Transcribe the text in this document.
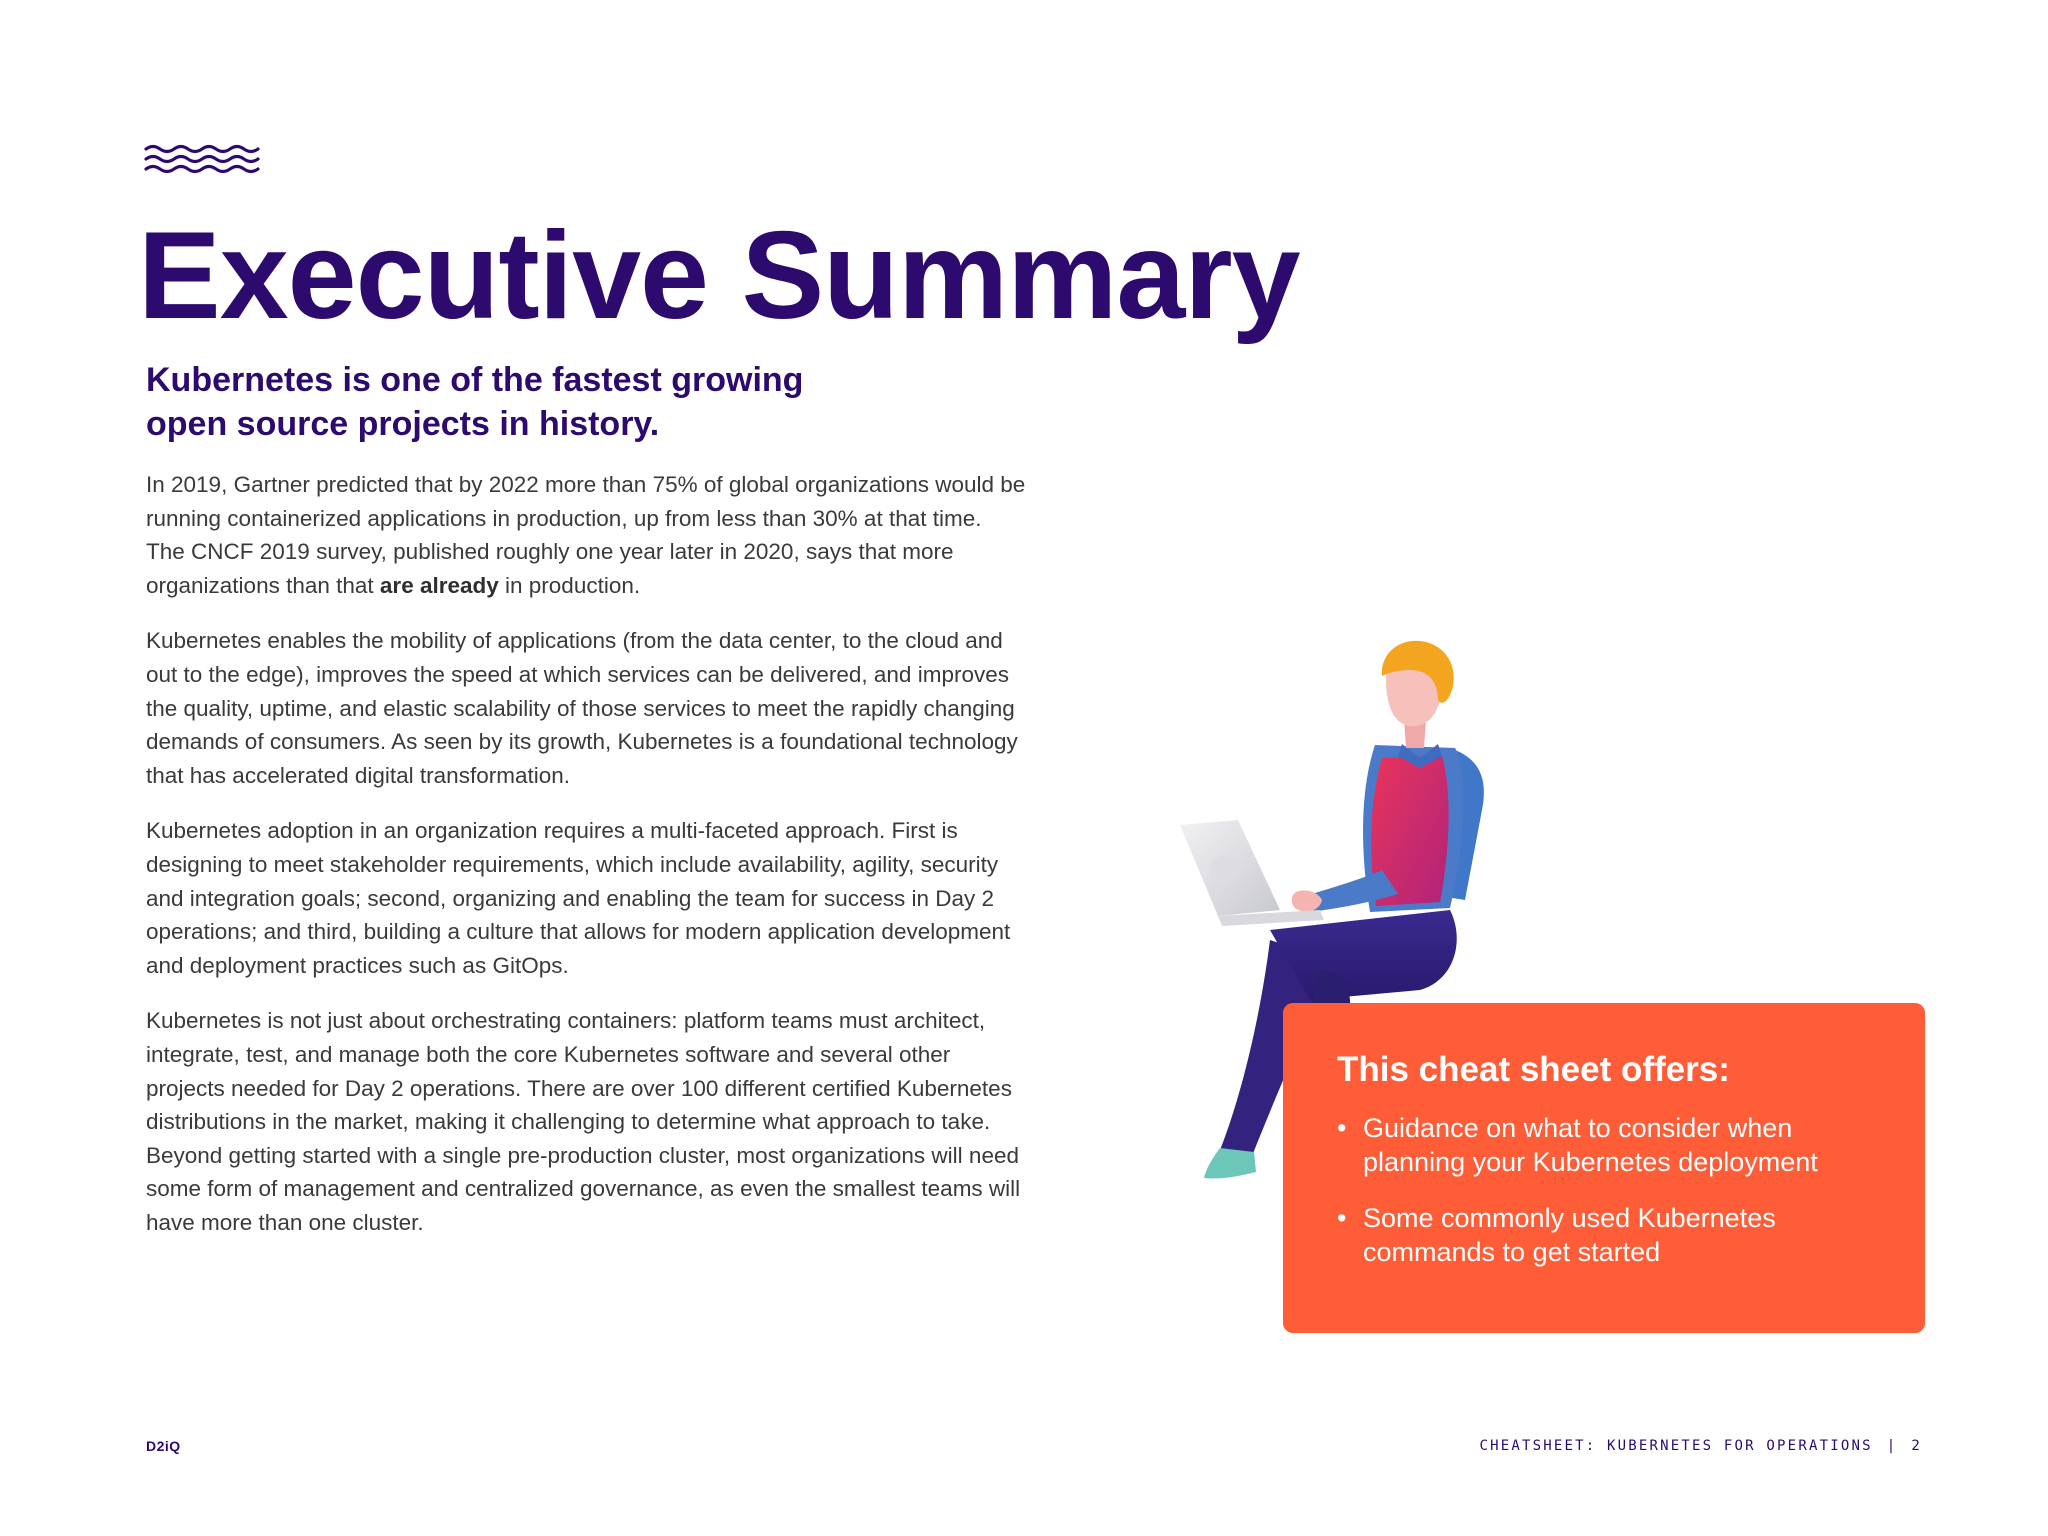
Executive Summary
Kubernetes is one of the fastest growing
open source projects in history.

In 2019, Gartner predicted that by 2022 more than 75% of global organizations would be running containerized applications in production, up from less than 30% at that time. The CNCF 2019 survey, published roughly one year later in 2020, says that more organizations than that are already in production.

Kubernetes enables the mobility of applications (from the data center, to the cloud and out to the edge), improves the speed at which services can be delivered, and improves the quality, uptime, and elastic scalability of those services to meet the rapidly changing demands of consumers. As seen by its growth, Kubernetes is a foundational technology that has accelerated digital transformation.

Kubernetes adoption in an organization requires a multi-faceted approach. First is designing to meet stakeholder requirements, which include availability, agility, security and integration goals; second, organizing and enabling the team for success in Day 2 operations; and third, building a culture that allows for modern application development and deployment practices such as GitOps.

Kubernetes is not just about orchestrating containers: platform teams must architect, integrate, test, and manage both the core Kubernetes software and several other projects needed for Day 2 operations. There are over 100 different certified Kubernetes distributions in the market, making it challenging to determine what approach to take. Beyond getting started with a single pre-production cluster, most organizations will need some form of management and centralized governance, as even the smallest teams will have more than one cluster.

This cheat sheet offers:
• Guidance on what to consider when planning your Kubernetes deployment
• Some commonly used Kubernetes commands to get started
D2iQ	CHEATSHEET: KUBERNETES FOR OPERATIONS | 2
